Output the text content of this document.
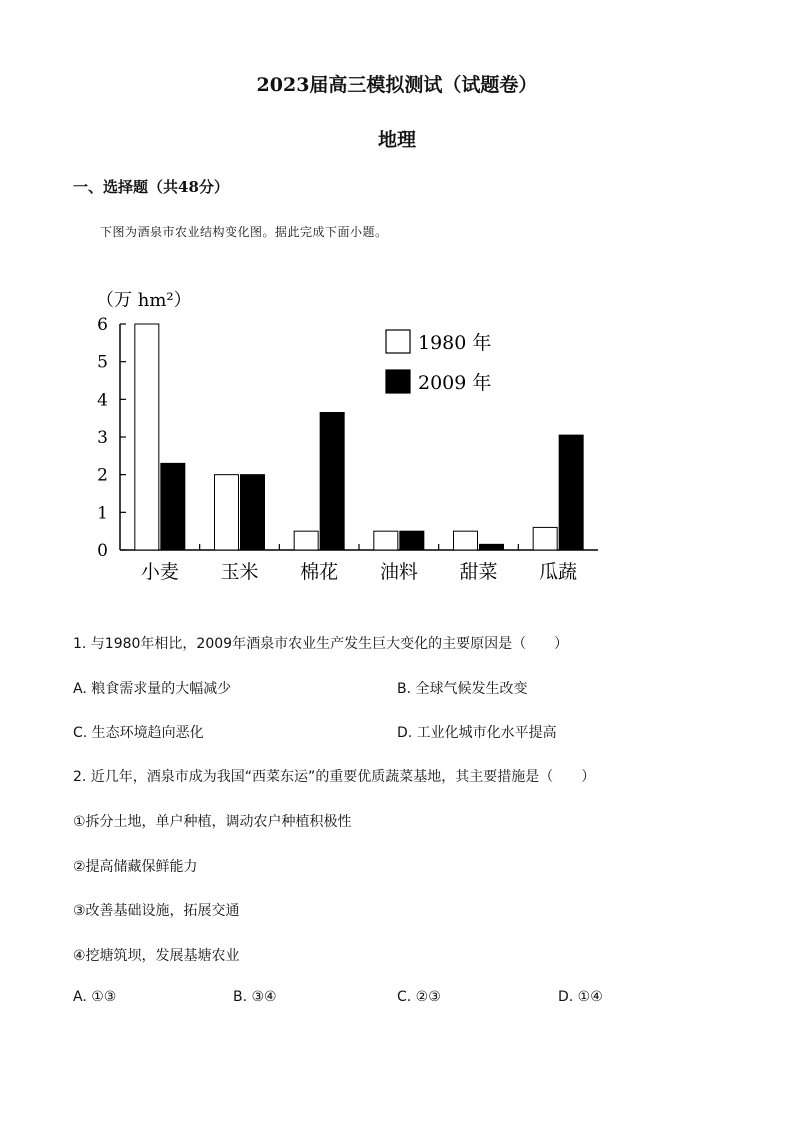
2023届高三模拟测试（试题卷）
地理
一、选择题（共48分）
下图为酒泉市农业结构变化图。据此完成下面小题。
（万 hm²）
0
1
2
3
4
5
6
小麦 玉米 棉花 油料 甜菜 瓜蔬
1980 年
2009 年
1. 与1980年相比，2009年酒泉市农业生产发生巨大变化的主要原因是（　　）
A. 粮食需求量的大幅减少	B. 全球气候发生改变
C. 生态环境趋向恶化	D. 工业化城市化水平提高
2. 近几年，酒泉市成为我国“西菜东运”的重要优质蔬菜基地，其主要措施是（　　）
①拆分土地，单户种植，调动农户种植积极性
②提高储藏保鲜能力
③改善基础设施，拓展交通
④挖塘筑坝，发展基塘农业
A. ①③	B. ③④	C. ②③	D. ①④
